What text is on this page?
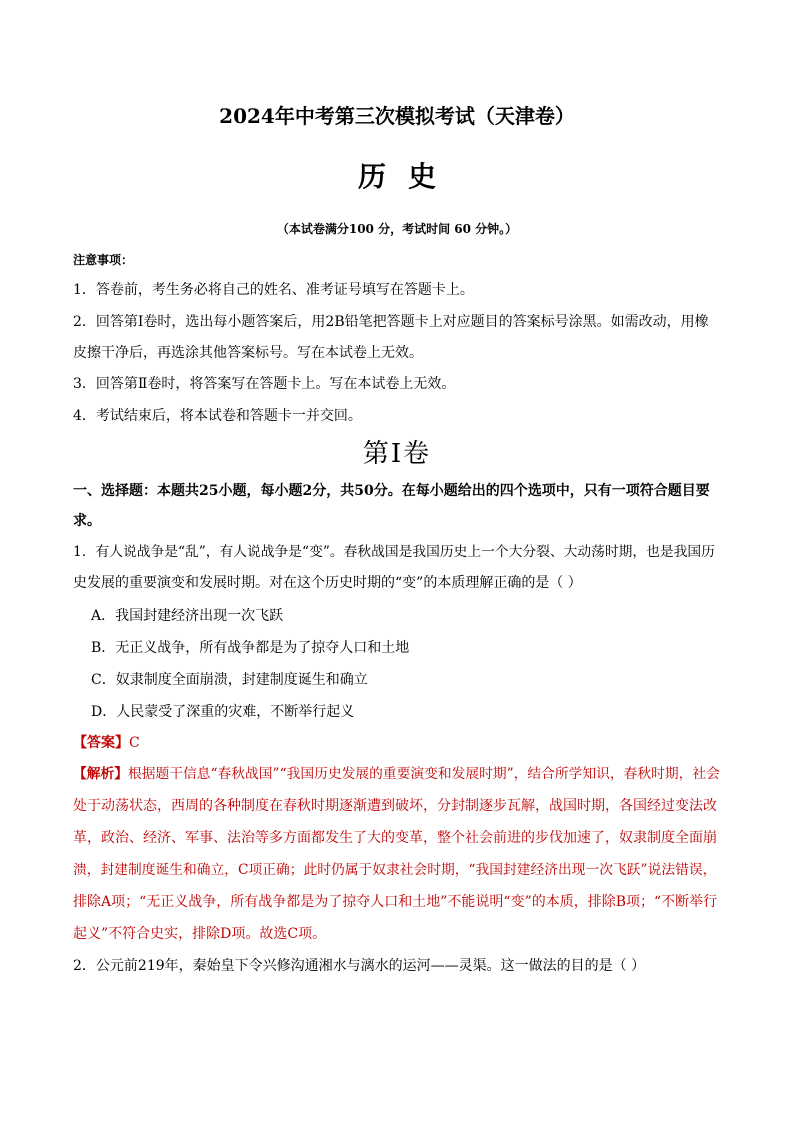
2024年中考第三次模拟考试（天津卷）
历史
（本试卷满分100 分，考试时间 60 分钟。）
注意事项：
1．答卷前，考生务必将自己的姓名、准考证号填写在答题卡上。
2．回答第Ⅰ卷时，选出每小题答案后，用2B铅笔把答题卡上对应题目的答案标号涂黑。如需改动，用橡
皮擦干净后，再选涂其他答案标号。写在本试卷上无效。
3．回答第Ⅱ卷时，将答案写在答题卡上。写在本试卷上无效。
4．考试结束后，将本试卷和答题卡一并交回。
第Ⅰ卷
一、选择题：本题共25小题，每小题2分，共50分。在每小题给出的四个选项中，只有一项符合题目要
求。
1．有人说战争是“乱”，有人说战争是“变”。春秋战国是我国历史上一个大分裂、大动荡时期，也是我国历
史发展的重要演变和发展时期。对在这个历史时期的“变”的本质理解正确的是（ ）
A．我国封建经济出现一次飞跃
B．无正义战争，所有战争都是为了掠夺人口和土地
C．奴隶制度全面崩溃，封建制度诞生和确立
D．人民蒙受了深重的灾难，不断举行起义
【答案】C
【解析】根据题干信息“春秋战国”“我国历史发展的重要演变和发展时期”，结合所学知识，春秋时期，社会
处于动荡状态，西周的各种制度在春秋时期逐渐遭到破坏，分封制逐步瓦解，战国时期，各国经过变法改
革，政治、经济、军事、法治等多方面都发生了大的变革，整个社会前进的步伐加速了，奴隶制度全面崩
溃，封建制度诞生和确立，C项正确；此时仍属于奴隶社会时期，“我国封建经济出现一次飞跃”说法错误，
排除A项；“无正义战争，所有战争都是为了掠夺人口和土地”不能说明“变”的本质，排除B项；“不断举行
起义”不符合史实，排除D项。故选C项。
2．公元前219年，秦始皇下令兴修沟通湘水与漓水的运河——灵渠。这一做法的目的是（ ）
